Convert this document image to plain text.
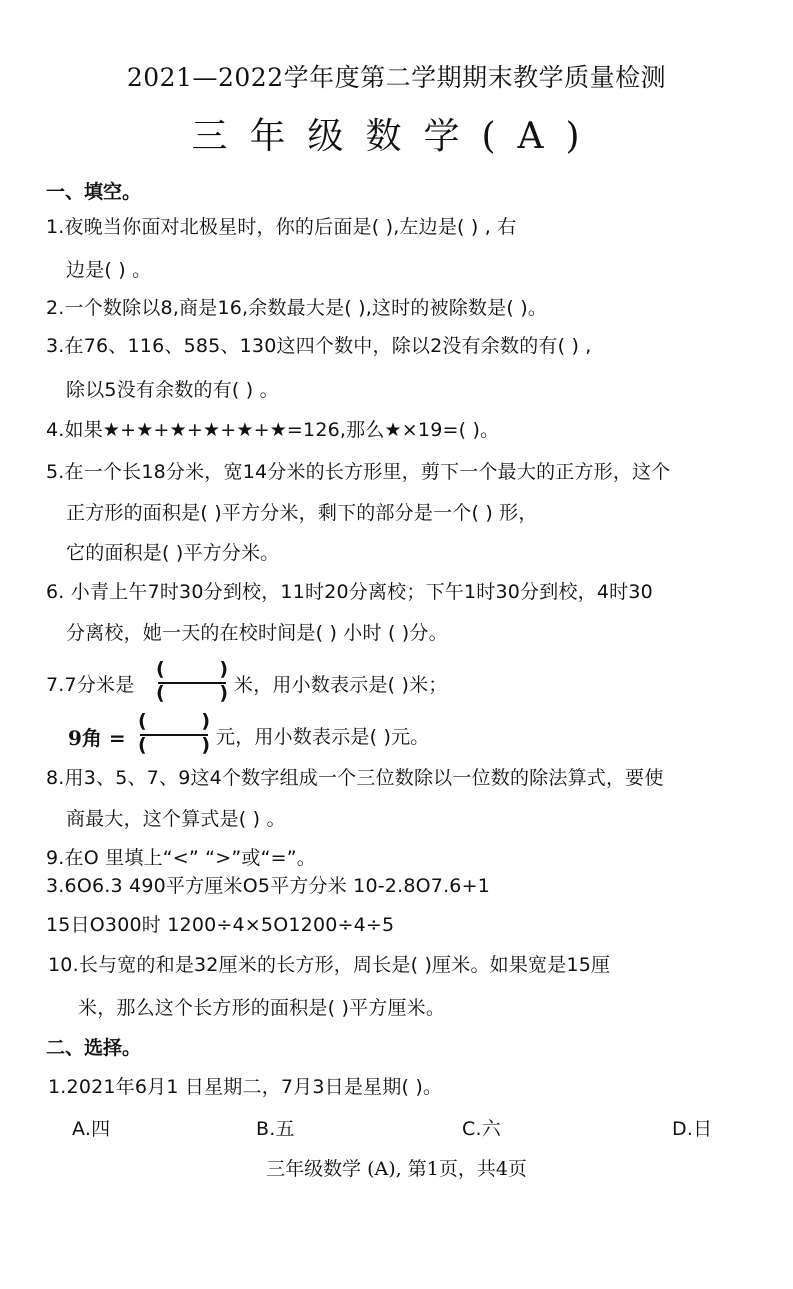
2021—2022学年度第二学期期末教学质量检测
三年级数学(A)
一、填空。
1.夜晚当你面对北极星时，你的后面是( ),左边是( ) , 右
边是( ) 。
2.一个数除以8,商是16,余数最大是( ),这时的被除数是( )。
3.在76、116、585、130这四个数中，除以2没有余数的有( ) ,
除以5没有余数的有( ) 。
4.如果★+★+★+★+★+★=126,那么★×19=( )。
5.在一个长18分米，宽14分米的长方形里，剪下一个最大的正方形，这个
正方形的面积是( )平方分米，剩下的部分是一个( ) 形，
它的面积是( )平方分米。
6. 小青上午7时30分到校，11时20分离校；下午1时30分到校，4时30
分离校，她一天的在校时间是( ) 小时 ( )分。
7.7分米是
(	)
(	) 米，用小数表示是( )米；
9角 =
(	)
(	) 元，用小数表示是( )元。
8.用3、5、7、9这4个数字组成一个三位数除以一位数的除法算式，要使
商最大，这个算式是( ) 。
9.在O 里填上“<” “>”或“=”。
3.6O6.3 490平方厘米O5平方分米 10-2.8O7.6+1
15日O300时 1200÷4×5O1200÷4÷5
10.长与宽的和是32厘米的长方形，周长是( )厘米。如果宽是15厘
米，那么这个长方形的面积是( )平方厘米。
二、选择。
1.2021年6月1 日星期二，7月3日是星期( )。
A.四	B.五	C.六	D.日
三年级数学 (A), 第1页，共4页
